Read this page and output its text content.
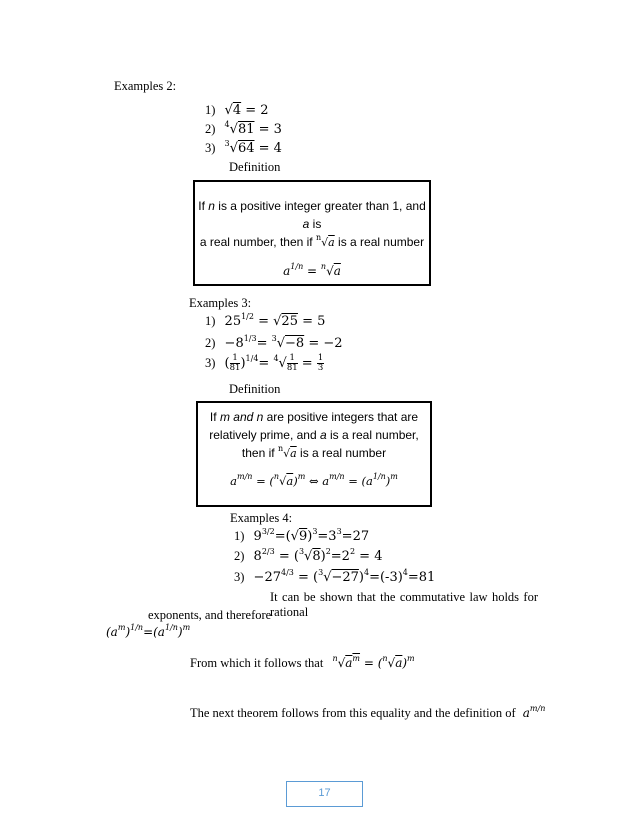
Examples 2:
1) √4 = 2
2) $^4$√81 = 3
3) $^3$√64 = 4
Definition
If n is a positive integer greater than 1, and a is
a real number, then if $^n$√a is a real number
$a^{1/n} = ^n√a$
Examples 3:
1) $25^{1/2} = √25 = 5$
$2) -8^{1/3}= ^3√-8 = -2$
3) ( $\frac{1}{81} )^{1/4}= ^4√ \frac{1}{81} = \frac{1}{3}$
Definition
If m and n are positive integers that are
relatively prime, and a is a real number,
then if $^n$√a is a real number
$a^{m/n} = (^n√a)^m$ ⇔ $a^{m/n} = (a^{1/n})^m$
Examples 4:
1) $9^{3/2}=(√9)^3=3^3=27$
2) $8^{2/3} = (^3√8)^2=2^2 = 4$
$3) -27^{4/3} = (^3√-27)^4=(-3)^4=81$
It can be shown that the commutative law holds for rational
exponents, and therefore
$(a^m)^{1/n}=(a^{1/n})^m$
From which it follows that $^n√a^m = (^n√a)^m$
The next theorem follows from this equality and the definition of $a^{m/n}$
17
